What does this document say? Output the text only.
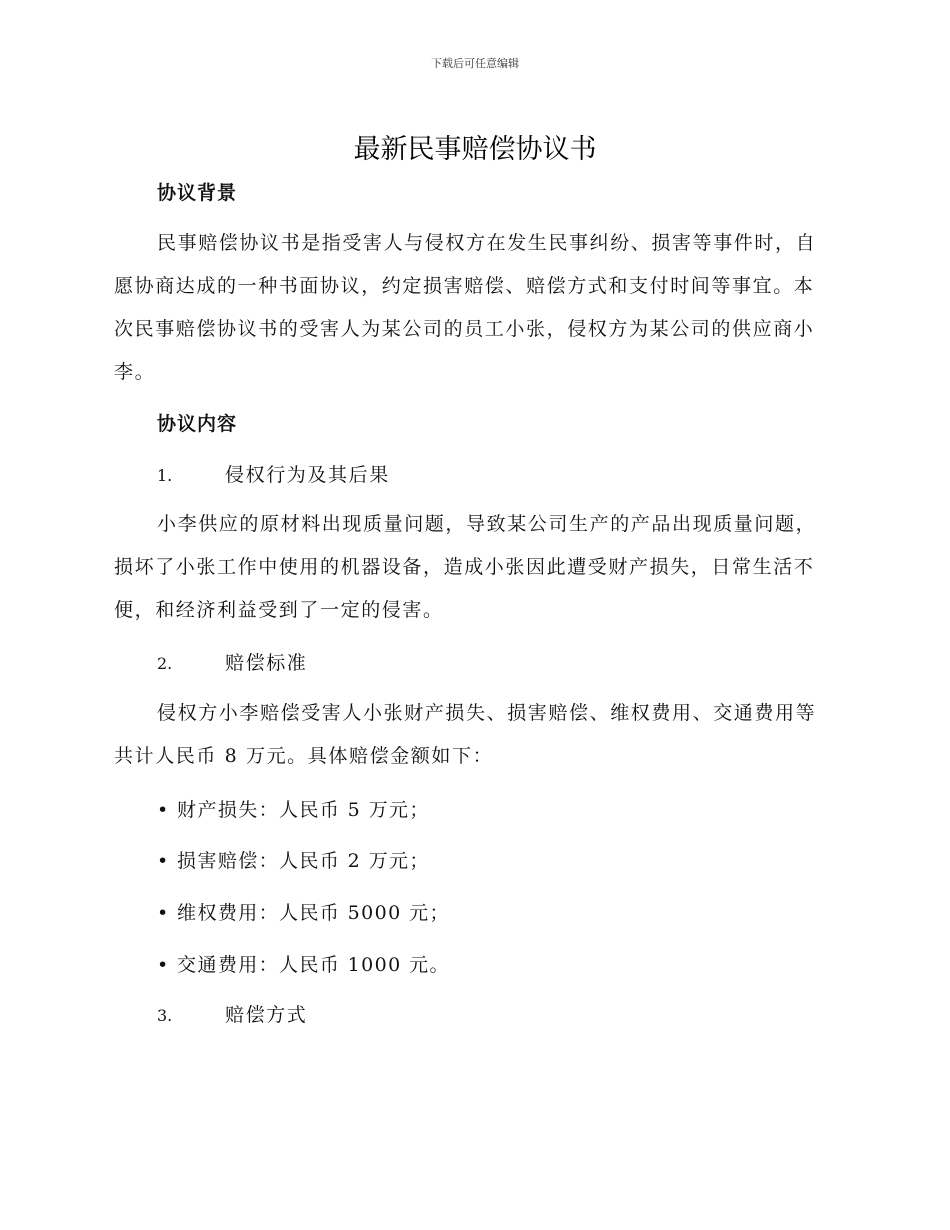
下载后可任意编辑
最新民事赔偿协议书
协议背景

民事赔偿协议书是指受害人与侵权方在发生民事纠纷、损害等事件时，自愿协商达成的一种书面协议，约定损害赔偿、赔偿方式和支付时间等事宜。本次民事赔偿协议书的受害人为某公司的员工小张，侵权方为某公司的供应商小李。

协议内容
1.	侵权行为及其后果

小李供应的原材料出现质量问题，导致某公司生产的产品出现质量问题，损坏了小张工作中使用的机器设备，造成小张因此遭受财产损失，日常生活不便，和经济利益受到了一定的侵害。

2.	赔偿标准

侵权方小李赔偿受害人小张财产损失、损害赔偿、维权费用、交通费用等共计人民币 8 万元。具体赔偿金额如下：

• 财产损失：人民币 5 万元；
• 损害赔偿：人民币 2 万元；
• 维权费用：人民币 5000 元；
• 交通费用：人民币 1000 元。
3.	赔偿方式
